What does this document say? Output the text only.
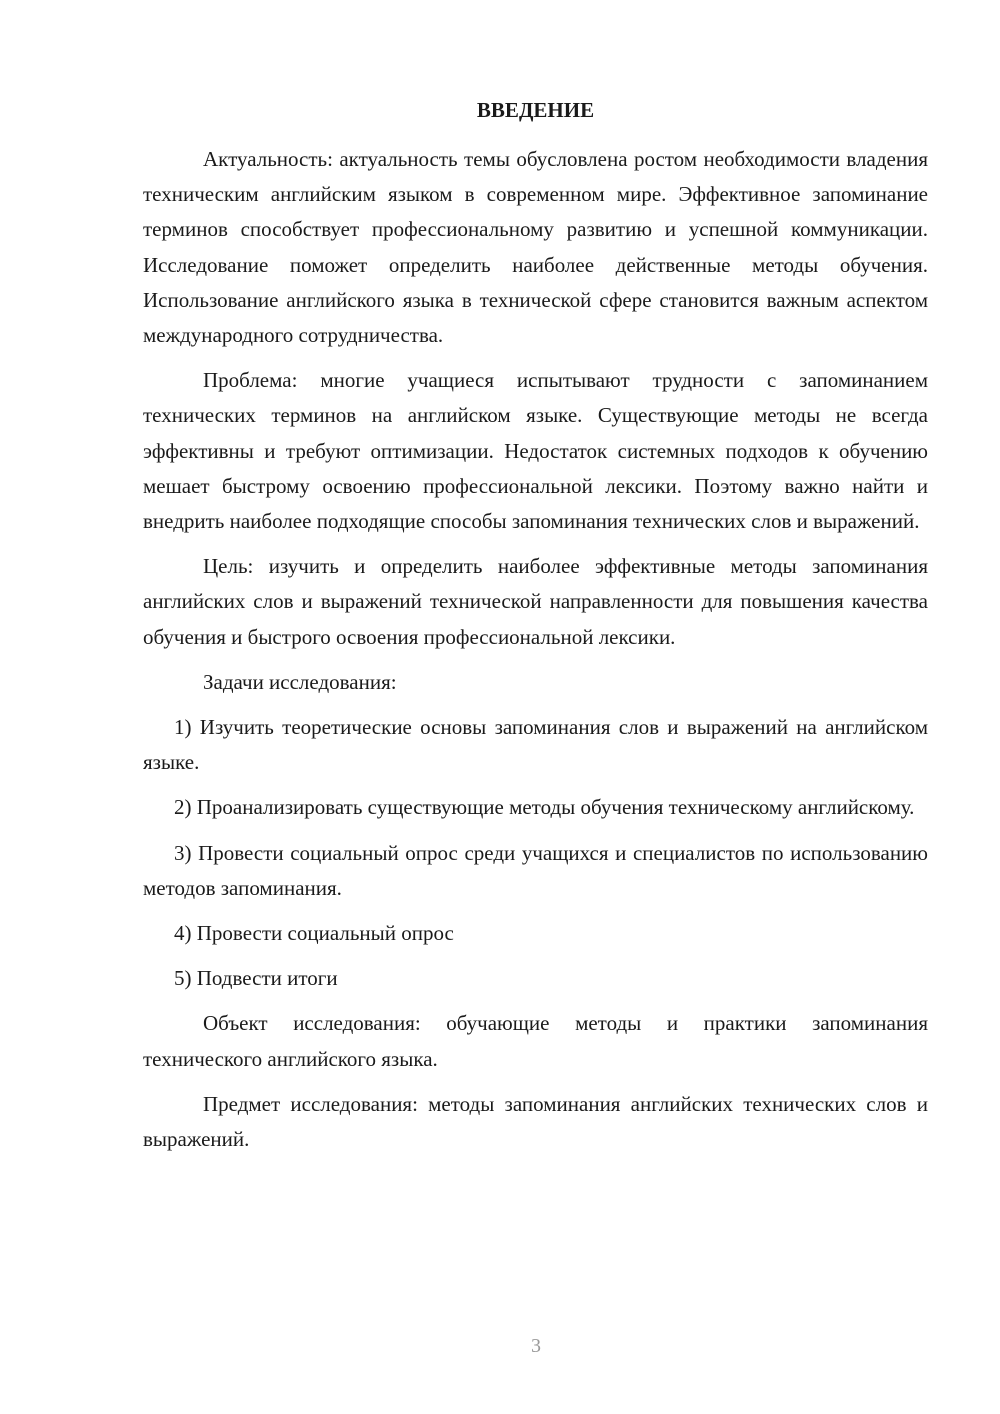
ВВЕДЕНИЕ

Актуальность: актуальность темы обусловлена ростом необходимости владения техническим английским языком в современном мире. Эффективное запоминание терминов способствует профессиональному развитию и успешной коммуникации. Исследование поможет определить наиболее действенные методы обучения. Использование английского языка в технической сфере становится важным аспектом международного сотрудничества.

Проблема: многие учащиеся испытывают трудности с запоминанием технических терминов на английском языке. Существующие методы не всегда эффективны и требуют оптимизации. Недостаток системных подходов к обучению мешает быстрому освоению профессиональной лексики. Поэтому важно найти и внедрить наиболее подходящие способы запоминания технических слов и выражений.

Цель: изучить и определить наиболее эффективные методы запоминания английских слов и выражений технической направленности для повышения качества обучения и быстрого освоения профессиональной лексики.

Задачи исследования:

1) Изучить теоретические основы запоминания слов и выражений на английском языке.

2) Проанализировать существующие методы обучения техническому английскому.

3) Провести социальный опрос среди учащихся и специалистов по использованию методов запоминания.

4) Провести социальный опрос

5) Подвести итоги

Объект исследования: обучающие методы и практики запоминания технического английского языка.

Предмет исследования: методы запоминания английских технических слов и выражений.

3
